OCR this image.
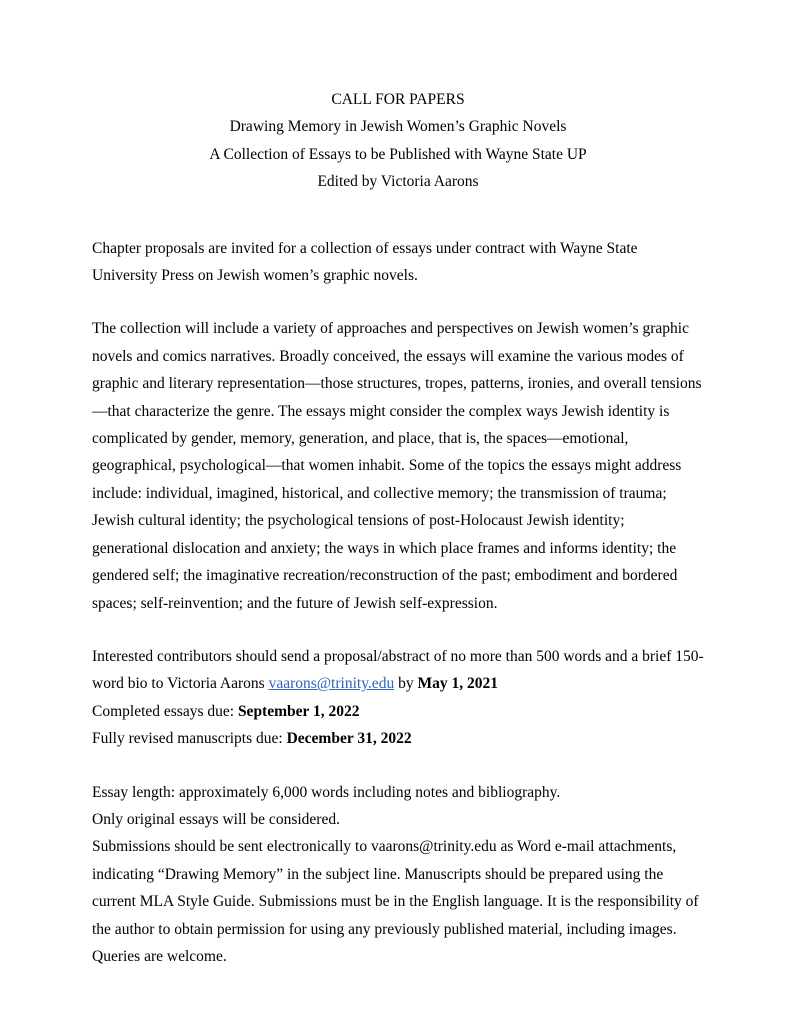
CALL FOR PAPERS
Drawing Memory in Jewish Women’s Graphic Novels
A Collection of Essays to be Published with Wayne State UP
Edited by Victoria Aarons

Chapter proposals are invited for a collection of essays under contract with Wayne State University Press on Jewish women’s graphic novels.

The collection will include a variety of approaches and perspectives on Jewish women’s graphic novels and comics narratives. Broadly conceived, the essays will examine the various modes of graphic and literary representation—those structures, tropes, patterns, ironies, and overall tensions—that characterize the genre. The essays might consider the complex ways Jewish identity is complicated by gender, memory, generation, and place, that is, the spaces—emotional, geographical, psychological—that women inhabit. Some of the topics the essays might address include: individual, imagined, historical, and collective memory; the transmission of trauma; Jewish cultural identity; the psychological tensions of post-Holocaust Jewish identity; generational dislocation and anxiety; the ways in which place frames and informs identity; the gendered self; the imaginative recreation/reconstruction of the past; embodiment and bordered spaces; self-reinvention; and the future of Jewish self-expression.

Interested contributors should send a proposal/abstract of no more than 500 words and a brief 150-word bio to Victoria Aarons vaarons@trinity.edu by May 1, 2021

Completed essays due: September 1, 2022

Fully revised manuscripts due: December 31, 2022

Essay length: approximately 6,000 words including notes and bibliography.

Only original essays will be considered.

Submissions should be sent electronically to vaarons@trinity.edu as Word e-mail attachments, indicating “Drawing Memory” in the subject line. Manuscripts should be prepared using the current MLA Style Guide. Submissions must be in the English language. It is the responsibility of the author to obtain permission for using any previously published material, including images. Queries are welcome.
